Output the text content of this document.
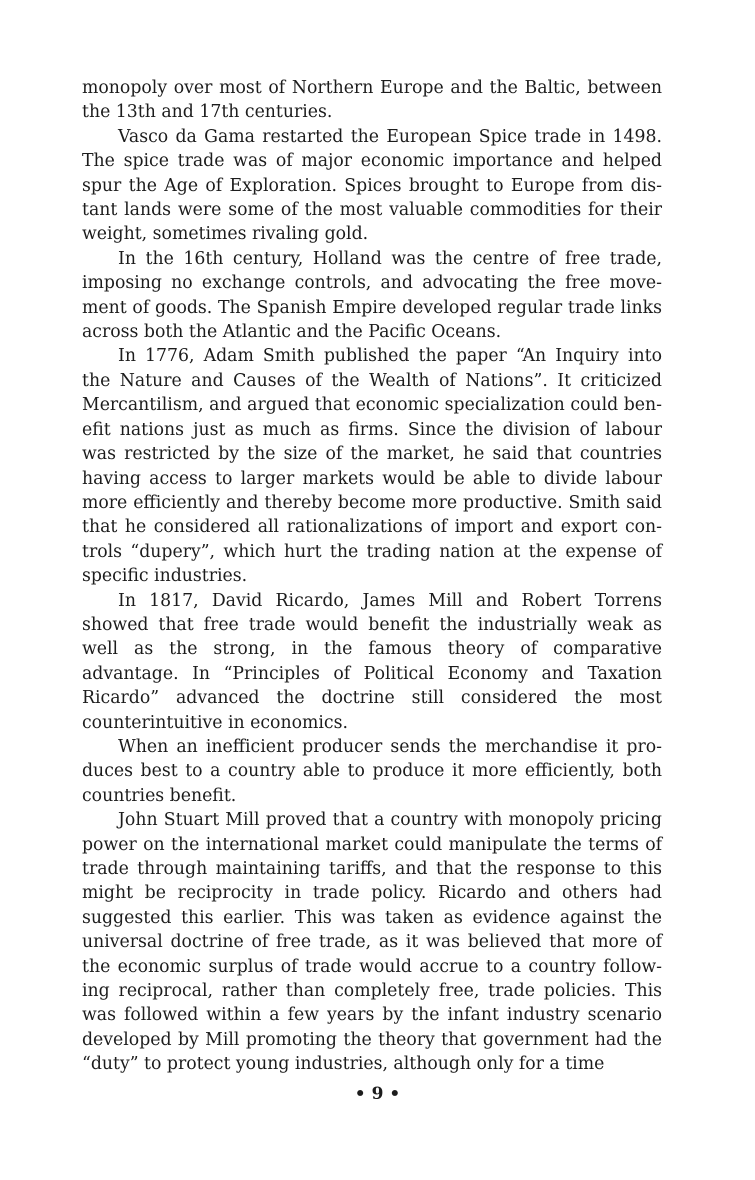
monopoly over most of Northern Europe and the Baltic, between the 13th and 17th centuries.

Vasco da Gama restarted the European Spice trade in 1498. The spice trade was of major economic importance and helped spur the Age of Exploration. Spices brought to Europe from distant lands were some of the most valuable commodities for their weight, sometimes rivaling gold.

In the 16th century, Holland was the centre of free trade, imposing no exchange controls, and advocating the free movement of goods. The Spanish Empire developed regular trade links across both the Atlantic and the Pacific Oceans.

In 1776, Adam Smith published the paper “An Inquiry into the Nature and Causes of the Wealth of Nations”. It criticized Mercantilism, and argued that economic specialization could benefit nations just as much as firms. Since the division of labour was restricted by the size of the market, he said that countries having access to larger markets would be able to divide labour more efficiently and thereby become more productive. Smith said that he considered all rationalizations of import and export controls “dupery”, which hurt the trading nation at the expense of specific industries.

In 1817, David Ricardo, James Mill and Robert Torrens showed that free trade would benefit the industrially weak as well as the strong, in the famous theory of comparative advantage. In “Principles of Political Economy and Taxation Ricardo” advanced the doctrine still considered the most counterintuitive in economics.

When an inefficient producer sends the merchandise it produces best to a country able to produce it more efficiently, both countries benefit.

John Stuart Mill proved that a country with monopoly pricing power on the international market could manipulate the terms of trade through maintaining tariffs, and that the response to this might be reciprocity in trade policy. Ricardo and others had suggested this earlier. This was taken as evidence against the universal doctrine of free trade, as it was believed that more of the economic surplus of trade would accrue to a country following reciprocal, rather than completely free, trade policies. This was followed within a few years by the infant industry scenario developed by Mill promoting the theory that government had the “duty” to protect young industries, although only for a time

• 9 •
